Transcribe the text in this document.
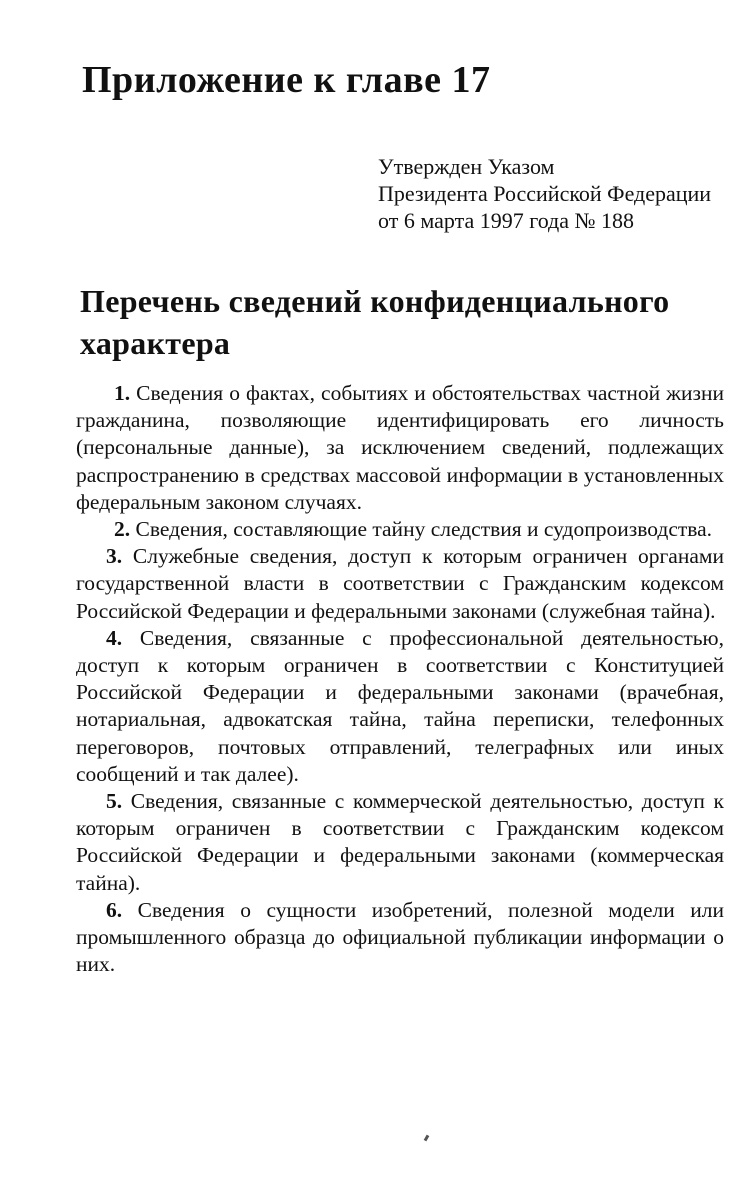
Приложение к главе 17
Утвержден Указом
Президента Российской Федерации
от 6 марта 1997 года № 188
Перечень сведений конфиденциального характера

1. Сведения о фактах, событиях и обстоятельствах частной жизни гражданина, позволяющие идентифицировать его личность (персональные данные), за исключением сведений, подлежащих распространению в средствах массовой информации в установленных федеральным законом случаях.

2. Сведения, составляющие тайну следствия и судопроизводства.

3. Служебные сведения, доступ к которым ограничен органами государственной власти в соответствии с Гражданским кодексом Российской Федерации и федеральными законами (служебная тайна).

4. Сведения, связанные с профессиональной деятельностью, доступ к которым ограничен в соответствии с Конституцией Российской Федерации и федеральными законами (врачебная, нотариальная, адвокатская тайна, тайна переписки, телефонных переговоров, почтовых отправлений, телеграфных или иных сообщений и так далее).

5. Сведения, связанные с коммерческой деятельностью, доступ к которым ограничен в соответствии с Гражданским кодексом Российской Федерации и федеральными законами (коммерческая тайна).

6. Сведения о сущности изобретений, полезной модели или промышленного образца до официальной публикации информации о них.
